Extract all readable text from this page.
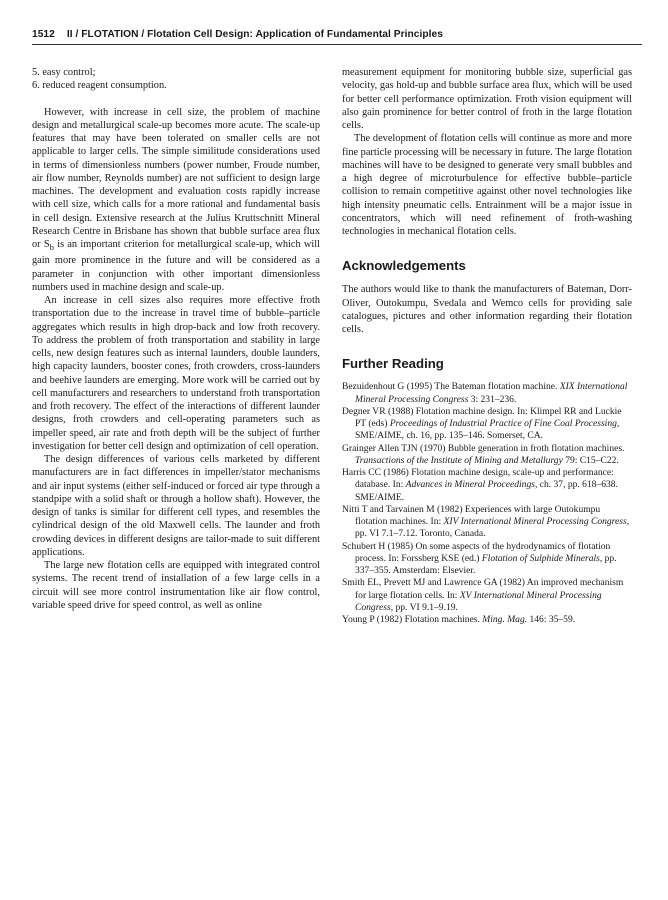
1512 II / FLOTATION / Flotation Cell Design: Application of Fundamental Principles

5. easy control;

6. reduced reagent consumption.

However, with increase in cell size, the problem of machine design and metallurgical scale-up becomes more acute. The scale-up features that may have been tolerated on smaller cells are not applicable to larger cells. The simple similitude considerations used in terms of dimensionless numbers (power number, Froude number, air flow number, Reynolds number) are not sufficient to design large machines. The development and evaluation costs rapidly increase with cell size, which calls for a more rational and fundamental basis in cell design. Extensive research at the Julius Kruttschnitt Mineral Research Centre in Brisbane has shown that bubble surface area flux or $S_b$ is an important criterion for metallurgical scale-up, which will gain more prominence in the future and will be considered as a parameter in conjunction with other important dimensionless numbers used in machine design and scale-up.

An increase in cell sizes also requires more effective froth transportation due to the increase in travel time of bubble–particle aggregates which results in high drop-back and low froth recovery. To address the problem of froth transportation and stability in large cells, new design features such as internal launders, double launders, high capacity launders, booster cones, froth crowders, cross-launders and beehive launders are emerging. More work will be carried out by cell manufacturers and researchers to understand froth transportation and froth recovery. The effect of the interactions of different launder designs, froth crowders and cell-operating parameters such as impeller speed, air rate and froth depth will be the subject of further investigation for better cell design and optimization of cell operation.

The design differences of various cells marketed by different manufacturers are in fact differences in impeller/stator mechanisms and air input systems (either self-induced or forced air type through a standpipe with a solid shaft or through a hollow shaft). However, the design of tanks is similar for different cell types, and resembles the cylindrical design of the old Maxwell cells. The launder and froth crowding devices in different designs are tailor-made to suit different applications.

The large new flotation cells are equipped with integrated control systems. The recent trend of installation of a few large cells in a circuit will see more control instrumentation like air flow control, variable speed drive for speed control, as well as online

measurement equipment for monitoring bubble size, superficial gas velocity, gas hold-up and bubble surface area flux, which will be used for better cell performance optimization. Froth vision equipment will also gain prominence for better control of froth in the large flotation cells.

The development of flotation cells will continue as more and more fine particle processing will be necessary in future. The large flotation machines will have to be designed to generate very small bubbles and a high degree of microturbulence for effective bubble–particle collision to remain competitive against other novel technologies like high intensity pneumatic cells. Entrainment will be a major issue in concentrators, which will need refinement of froth-washing technologies in mechanical flotation cells.

Acknowledgements

The authors would like to thank the manufacturers of Bateman, Dorr-Oliver, Outokumpu, Svedala and Wemco cells for providing sale catalogues, pictures and other information regarding their flotation cells.

Further Reading

Bezuidenhout G (1995) The Bateman flotation machine. XIX International Mineral Processing Congress 3: 231–236.

Degner VR (1988) Flotation machine design. In: Klimpel RR and Luckie PT (eds) Proceedings of Industrial Practice of Fine Coal Processing, SME/AIME, ch. 16, pp. 135–146. Somerset, CA.

Grainger Allen TJN (1970) Bubble generation in froth flotation machines. Transactions of the Institute of Mining and Metallurgy 79: C15–C22.

Harris CC (1986) Flotation machine design, scale-up and performance: database. In: Advances in Mineral Proceedings, ch. 37, pp. 618–638. SME/AIME.

Nitti T and Tarvainen M (1982) Experiences with large Outokumpu flotation machines. In: XIV International Mineral Processing Congress, pp. VI 7.1–7.12. Toronto, Canada.

Schubert H (1985) On some aspects of the hydrodynamics of flotation process. In: Forssberg KSE (ed.) Flotation of Sulphide Minerals, pp. 337–355. Amsterdam: Elsevier.

Smith EL, Prevett MJ and Lawrence GA (1982) An improved mechanism for large flotation cells. In: XV International Mineral Processing Congress, pp. VI 9.1–9.19.

Young P (1982) Flotation machines. Ming. Mag. 146: 35–59.
